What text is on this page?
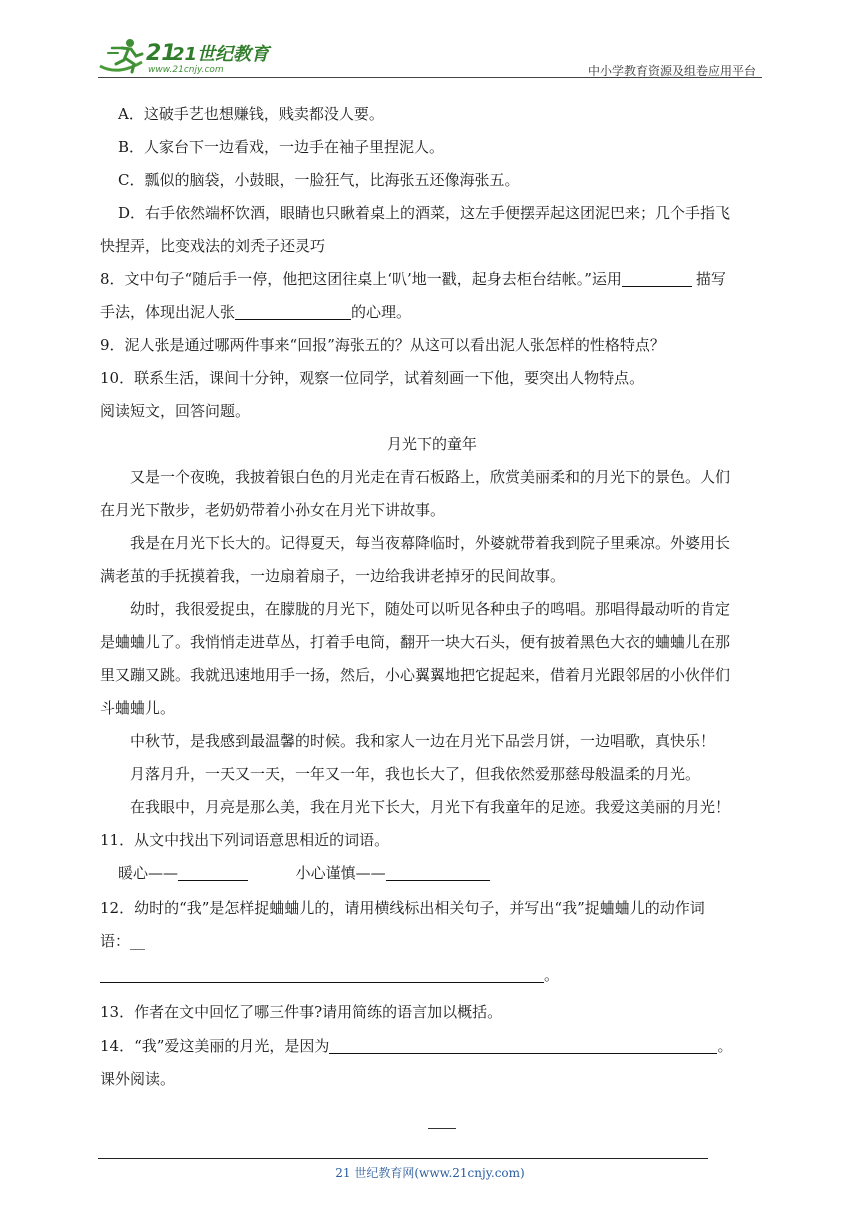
21
21世纪教育
www.21cnjy.com	中小学教育资源及组卷应用平台

A．这破手艺也想赚钱，贱卖都没人要。

B．人家台下一边看戏，一边手在袖子里捏泥人。

C．瓢似的脑袋，小鼓眼，一脸狂气，比海张五还像海张五。

D．右手依然端杯饮酒，眼睛也只瞅着桌上的酒菜，这左手便摆弄起这团泥巴来；几个手指飞

快捏弄，比变戏法的刘秃子还灵巧

8．文中句子“随后手一停，他把这团往桌上‘叭’地一戳，起身去柜台结帐。”运用	描写

手法，体现出泥人张	的心理。

9．泥人张是通过哪两件事来“回报”海张五的？从这可以看出泥人张怎样的性格特点？

10．联系生活，课间十分钟，观察一位同学，试着刻画一下他，要突出人物特点。

阅读短文，回答问题。

月光下的童年

又是一个夜晚，我披着银白色的月光走在青石板路上，欣赏美丽柔和的月光下的景色。人们

在月光下散步，老奶奶带着小孙女在月光下讲故事。

我是在月光下长大的。记得夏天，每当夜幕降临时，外婆就带着我到院子里乘凉。外婆用长

满老茧的手抚摸着我，一边扇着扇子，一边给我讲老掉牙的民间故事。

幼时，我很爱捉虫，在朦胧的月光下，随处可以听见各种虫子的鸣唱。那唱得最动听的肯定

是蛐蛐儿了。我悄悄走进草丛，打着手电筒，翻开一块大石头，便有披着黑色大衣的蛐蛐儿在那

里又蹦又跳。我就迅速地用手一扬，然后，小心翼翼地把它捉起来，借着月光跟邻居的小伙伴们

斗蛐蛐儿。

中秋节，是我感到最温馨的时候。我和家人一边在月光下品尝月饼，一边唱歌，真快乐！

月落月升，一天又一天，一年又一年，我也长大了，但我依然爱那慈母般温柔的月光。

在我眼中，月亮是那么美，我在月光下长大，月光下有我童年的足迹。我爱这美丽的月光！

11．从文中找出下列词语意思相近的词语。

暖心——	小心谨慎——

12．幼时的“我”是怎样捉蛐蛐儿的，请用横线标出相关句子，并写出“我”捉蛐蛐儿的动作词

语：__

。

13．作者在文中回忆了哪三件事?请用简练的语言加以概括。

14．“我”爱这美丽的月光，是因为	。

课外阅读。

21 世纪教育网(www.21cnjy.com)
